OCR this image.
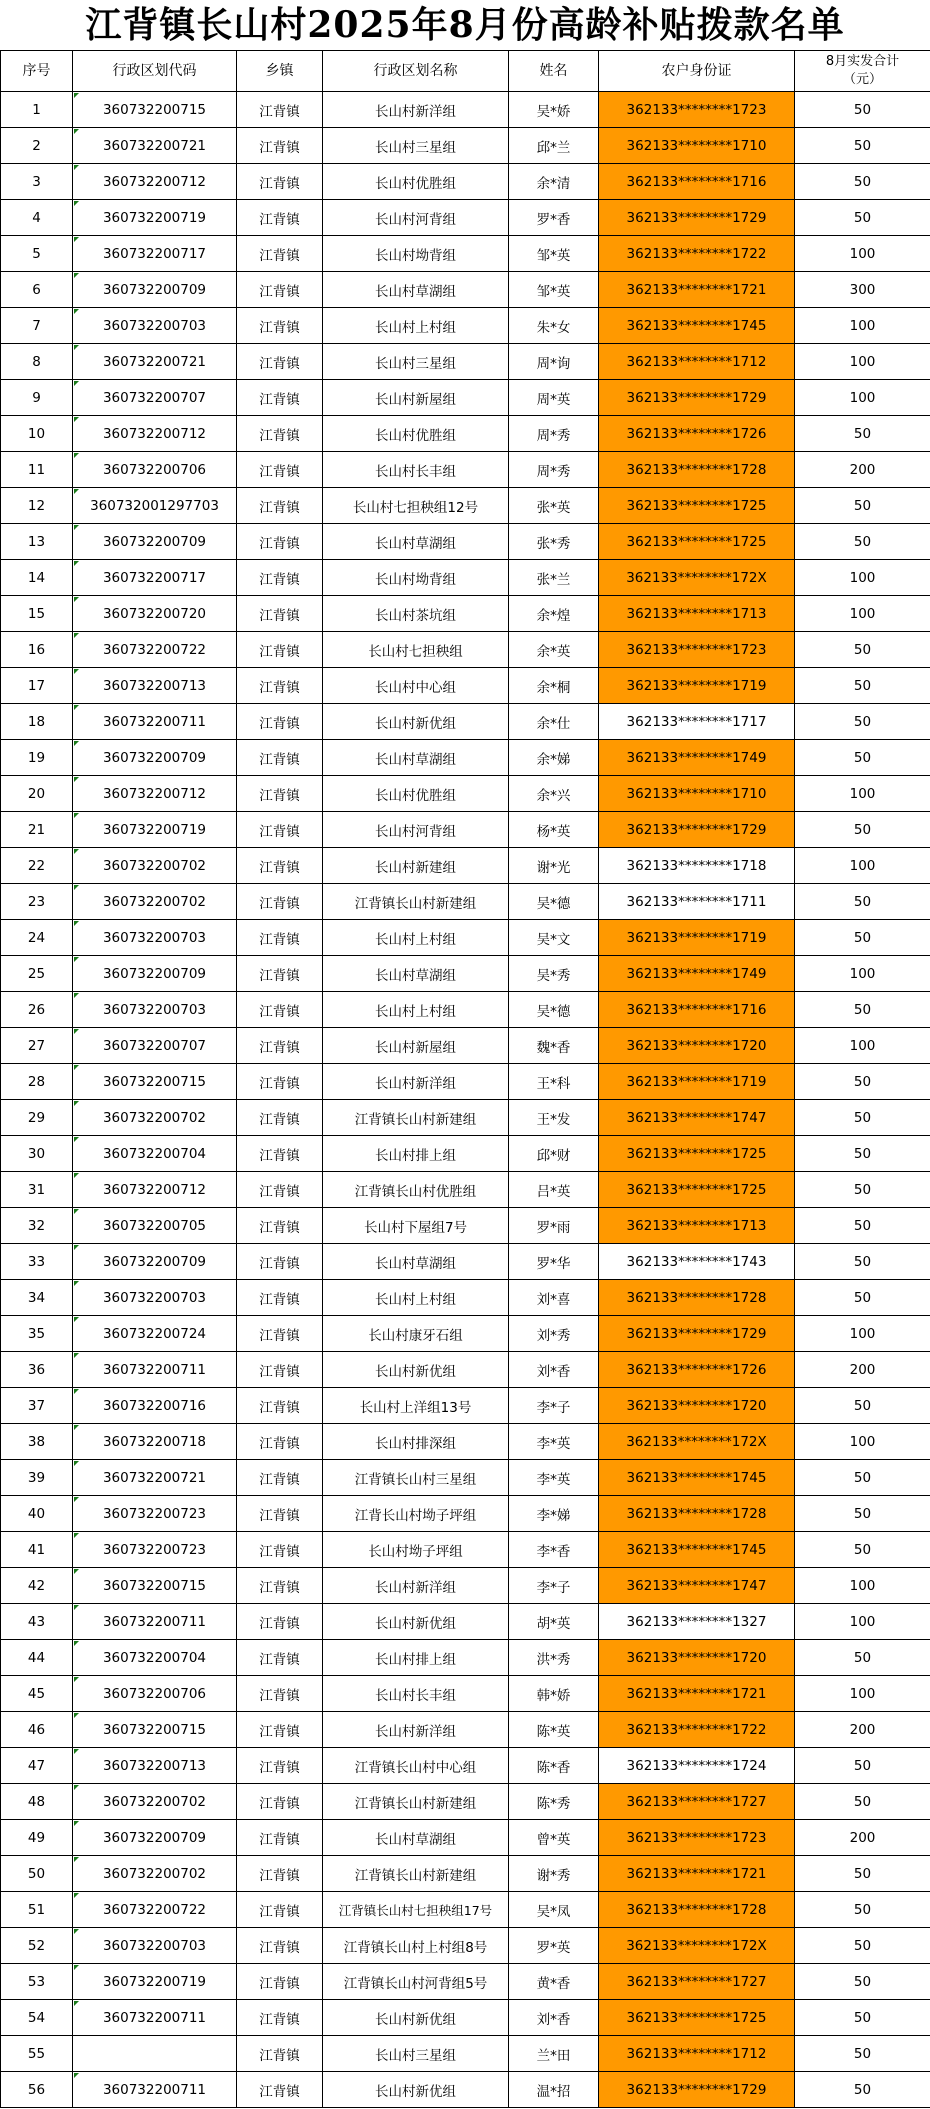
江背镇长山村2025年8月份高龄补贴拨款名单
序号	行政区划代码	乡镇	行政区划名称	姓名	农户身份证	8月实发合计
（元）

1	360732200715	江背镇	长山村新洋组	吴*娇	362133********1723	50
2	360732200721	江背镇	长山村三星组	邱*兰	362133********1710	50
3	360732200712	江背镇	长山村优胜组	余*清	362133********1716	50
4	360732200719	江背镇	长山村河背组	罗*香	362133********1729	50
5	360732200717	江背镇	长山村坳背组	邹*英	362133********1722	100
6	360732200709	江背镇	长山村草湖组	邹*英	362133********1721	300
7	360732200703	江背镇	长山村上村组	朱*女	362133********1745	100
8	360732200721	江背镇	长山村三星组	周*询	362133********1712	100
9	360732200707	江背镇	长山村新屋组	周*英	362133********1729	100
10	360732200712	江背镇	长山村优胜组	周*秀	362133********1726	50
11	360732200706	江背镇	长山村长丰组	周*秀	362133********1728	200
12	360732001297703	江背镇	长山村七担秧组12号	张*英	362133********1725	50
13	360732200709	江背镇	长山村草湖组	张*秀	362133********1725	50
14	360732200717	江背镇	长山村坳背组	张*兰	362133********172X	100
15	360732200720	江背镇	长山村茶坑组	余*煌	362133********1713	100
16	360732200722	江背镇	长山村七担秧组	余*英	362133********1723	50
17	360732200713	江背镇	长山村中心组	余*桐	362133********1719	50
18	360732200711	江背镇	长山村新优组	余*仕	362133********1717	50
19	360732200709	江背镇	长山村草湖组	余*娣	362133********1749	50
20	360732200712	江背镇	长山村优胜组	余*兴	362133********1710	100
21	360732200719	江背镇	长山村河背组	杨*英	362133********1729	50
22	360732200702	江背镇	长山村新建组	谢*光	362133********1718	100
23	360732200702	江背镇	江背镇长山村新建组	吴*德	362133********1711	50
24	360732200703	江背镇	长山村上村组	吴*文	362133********1719	50
25	360732200709	江背镇	长山村草湖组	吴*秀	362133********1749	100
26	360732200703	江背镇	长山村上村组	吴*德	362133********1716	50
27	360732200707	江背镇	长山村新屋组	魏*香	362133********1720	100
28	360732200715	江背镇	长山村新洋组	王*科	362133********1719	50
29	360732200702	江背镇	江背镇长山村新建组	王*发	362133********1747	50
30	360732200704	江背镇	长山村排上组	邱*财	362133********1725	50
31	360732200712	江背镇	江背镇长山村优胜组	吕*英	362133********1725	50
32	360732200705	江背镇	长山村下屋组7号	罗*雨	362133********1713	50
33	360732200709	江背镇	长山村草湖组	罗*华	362133********1743	50
34	360732200703	江背镇	长山村上村组	刘*喜	362133********1728	50
35	360732200724	江背镇	长山村康牙石组	刘*秀	362133********1729	100
36	360732200711	江背镇	长山村新优组	刘*香	362133********1726	200
37	360732200716	江背镇	长山村上洋组13号	李*子	362133********1720	50
38	360732200718	江背镇	长山村排深组	李*英	362133********172X	100
39	360732200721	江背镇	江背镇长山村三星组	李*英	362133********1745	50
40	360732200723	江背镇	江背长山村坳子坪组	李*娣	362133********1728	50
41	360732200723	江背镇	长山村坳子坪组	李*香	362133********1745	50
42	360732200715	江背镇	长山村新洋组	李*子	362133********1747	100
43	360732200711	江背镇	长山村新优组	胡*英	362133********1327	100
44	360732200704	江背镇	长山村排上组	洪*秀	362133********1720	50
45	360732200706	江背镇	长山村长丰组	韩*娇	362133********1721	100
46	360732200715	江背镇	长山村新洋组	陈*英	362133********1722	200
47	360732200713	江背镇	江背镇长山村中心组	陈*香	362133********1724	50
48	360732200702	江背镇	江背镇长山村新建组	陈*秀	362133********1727	50
49	360732200709	江背镇	长山村草湖组	曾*英	362133********1723	200
50	360732200702	江背镇	江背镇长山村新建组	谢*秀	362133********1721	50
51	360732200722	江背镇	江背镇长山村七担秧组17号	吴*凤	362133********1728	50
52	360732200703	江背镇	江背镇长山村上村组8号	罗*英	362133********172X	50
53	360732200719	江背镇	江背镇长山村河背组5号	黄*香	362133********1727	50
54	360732200711	江背镇	长山村新优组	刘*香	362133********1725	50
55		江背镇	长山村三星组	兰*田	362133********1712	50
56	360732200711	江背镇	长山村新优组	温*招	362133********1729	50
